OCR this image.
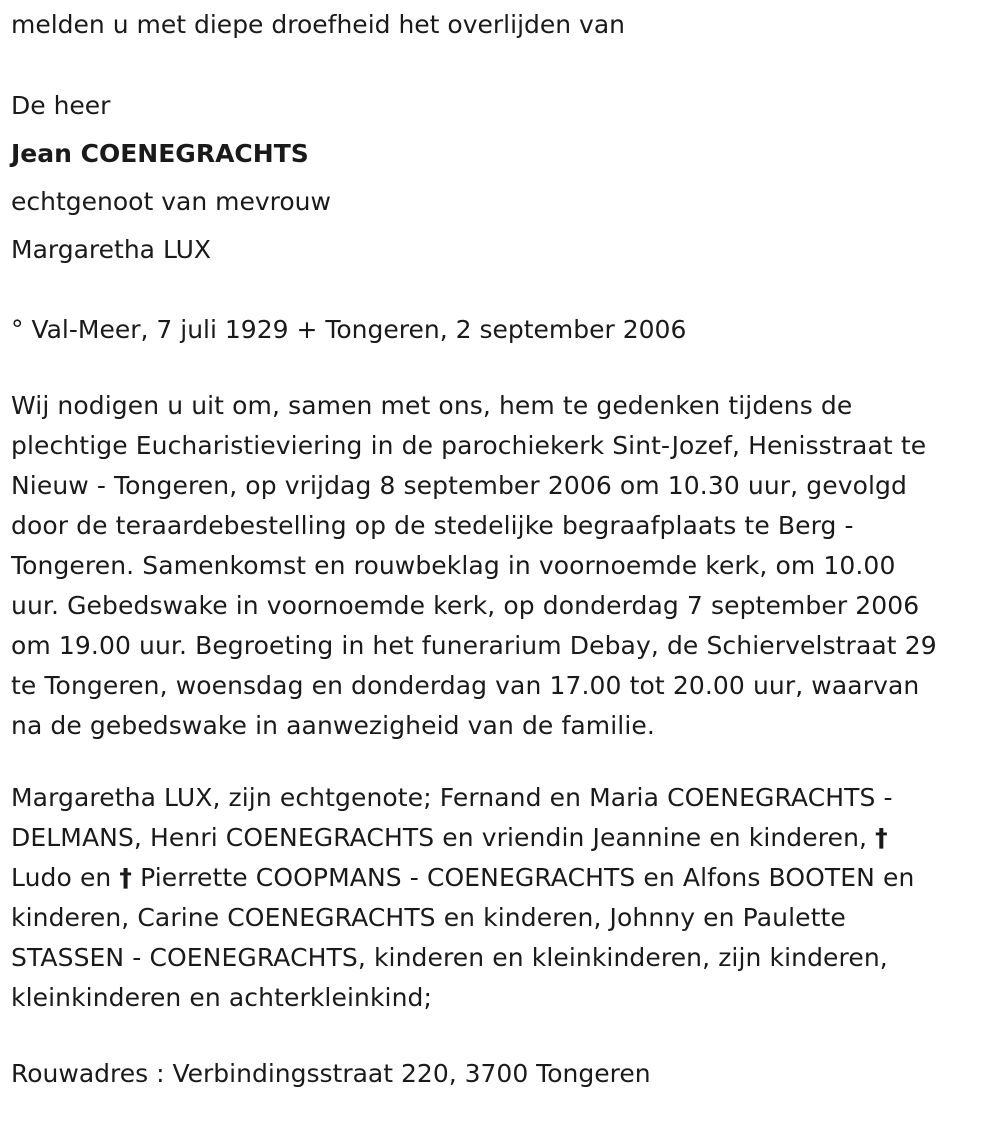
melden u met diepe droefheid het overlijden van

De heer

Jean COENEGRACHTS

echtgenoot van mevrouw

Margaretha LUX

° Val-Meer, 7 juli 1929 + Tongeren, 2 september 2006

Wij nodigen u uit om, samen met ons, hem te gedenken tijdens de
plechtige Eucharistieviering in de parochiekerk Sint-Jozef, Henisstraat te
Nieuw - Tongeren, op vrijdag 8 september 2006 om 10.30 uur, gevolgd
door de teraardebestelling op de stedelijke begraafplaats te Berg -
Tongeren. Samenkomst en rouwbeklag in voornoemde kerk, om 10.00
uur. Gebedswake in voornoemde kerk, op donderdag 7 september 2006
om 19.00 uur. Begroeting in het funerarium Debay, de Schiervelstraat 29
te Tongeren, woensdag en donderdag van 17.00 tot 20.00 uur, waarvan
na de gebedswake in aanwezigheid van de familie.

Margaretha LUX, zijn echtgenote; Fernand en Maria COENEGRACHTS -
DELMANS, Henri COENEGRACHTS en vriendin Jeannine en kinderen, †
Ludo en † Pierrette COOPMANS - COENEGRACHTS en Alfons BOOTEN en
kinderen, Carine COENEGRACHTS en kinderen, Johnny en Paulette
STASSEN - COENEGRACHTS, kinderen en kleinkinderen, zijn kinderen,
kleinkinderen en achterkleinkind;

Rouwadres : Verbindingsstraat 220, 3700 Tongeren
